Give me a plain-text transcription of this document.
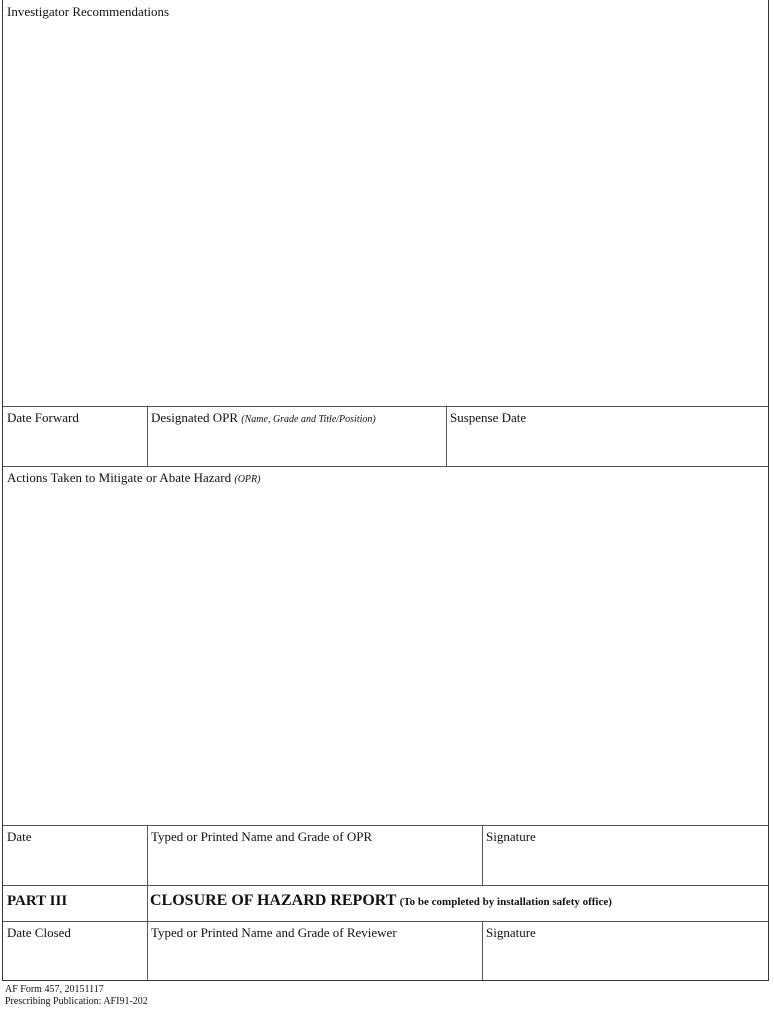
Investigator Recommendations
Date Forward	Designated OPR (Name, Grade and Title/Position)	Suspense Date
Actions Taken to Mitigate or Abate Hazard (OPR)
Date	Typed or Printed Name and Grade of OPR	Signature
PART III	CLOSURE OF HAZARD REPORT (To be completed by installation safety office)
Date Closed	Typed or Printed Name and Grade of Reviewer	Signature
AF Form 457, 20151117
Prescribing Publication: AFI91-202
